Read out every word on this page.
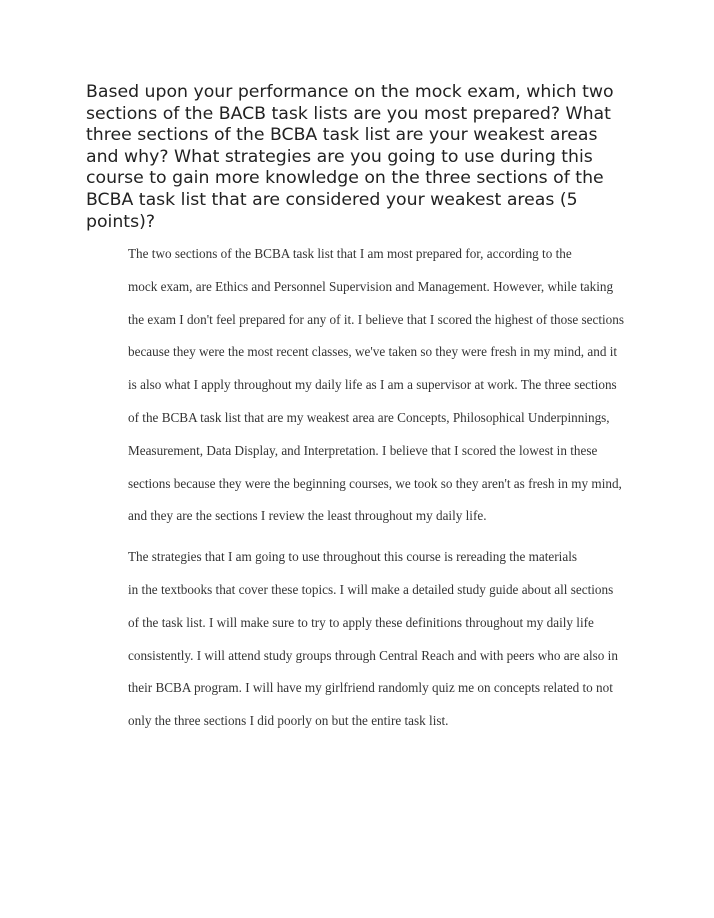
Based upon your performance on the mock exam, which two
sections of the BACB task lists are you most prepared? What
three sections of the BCBA task list are your weakest areas
and why? What strategies are you going to use during this
course to gain more knowledge on the three sections of the
BCBA task list that are considered your weakest areas (5
points)?

The two sections of the BCBA task list that I am most prepared for, according to the
mock exam, are Ethics and Personnel Supervision and Management. However, while taking
the exam I don't feel prepared for any of it. I believe that I scored the highest of those sections
because they were the most recent classes, we've taken so they were fresh in my mind, and it
is also what I apply throughout my daily life as I am a supervisor at work. The three sections
of the BCBA task list that are my weakest area are Concepts, Philosophical Underpinnings,
Measurement, Data Display, and Interpretation. I believe that I scored the lowest in these
sections because they were the beginning courses, we took so they aren't as fresh in my mind,
and they are the sections I review the least throughout my daily life.

The strategies that I am going to use throughout this course is rereading the materials
in the textbooks that cover these topics. I will make a detailed study guide about all sections
of the task list. I will make sure to try to apply these definitions throughout my daily life
consistently. I will attend study groups through Central Reach and with peers who are also in
their BCBA program. I will have my girlfriend randomly quiz me on concepts related to not
only the three sections I did poorly on but the entire task list.
